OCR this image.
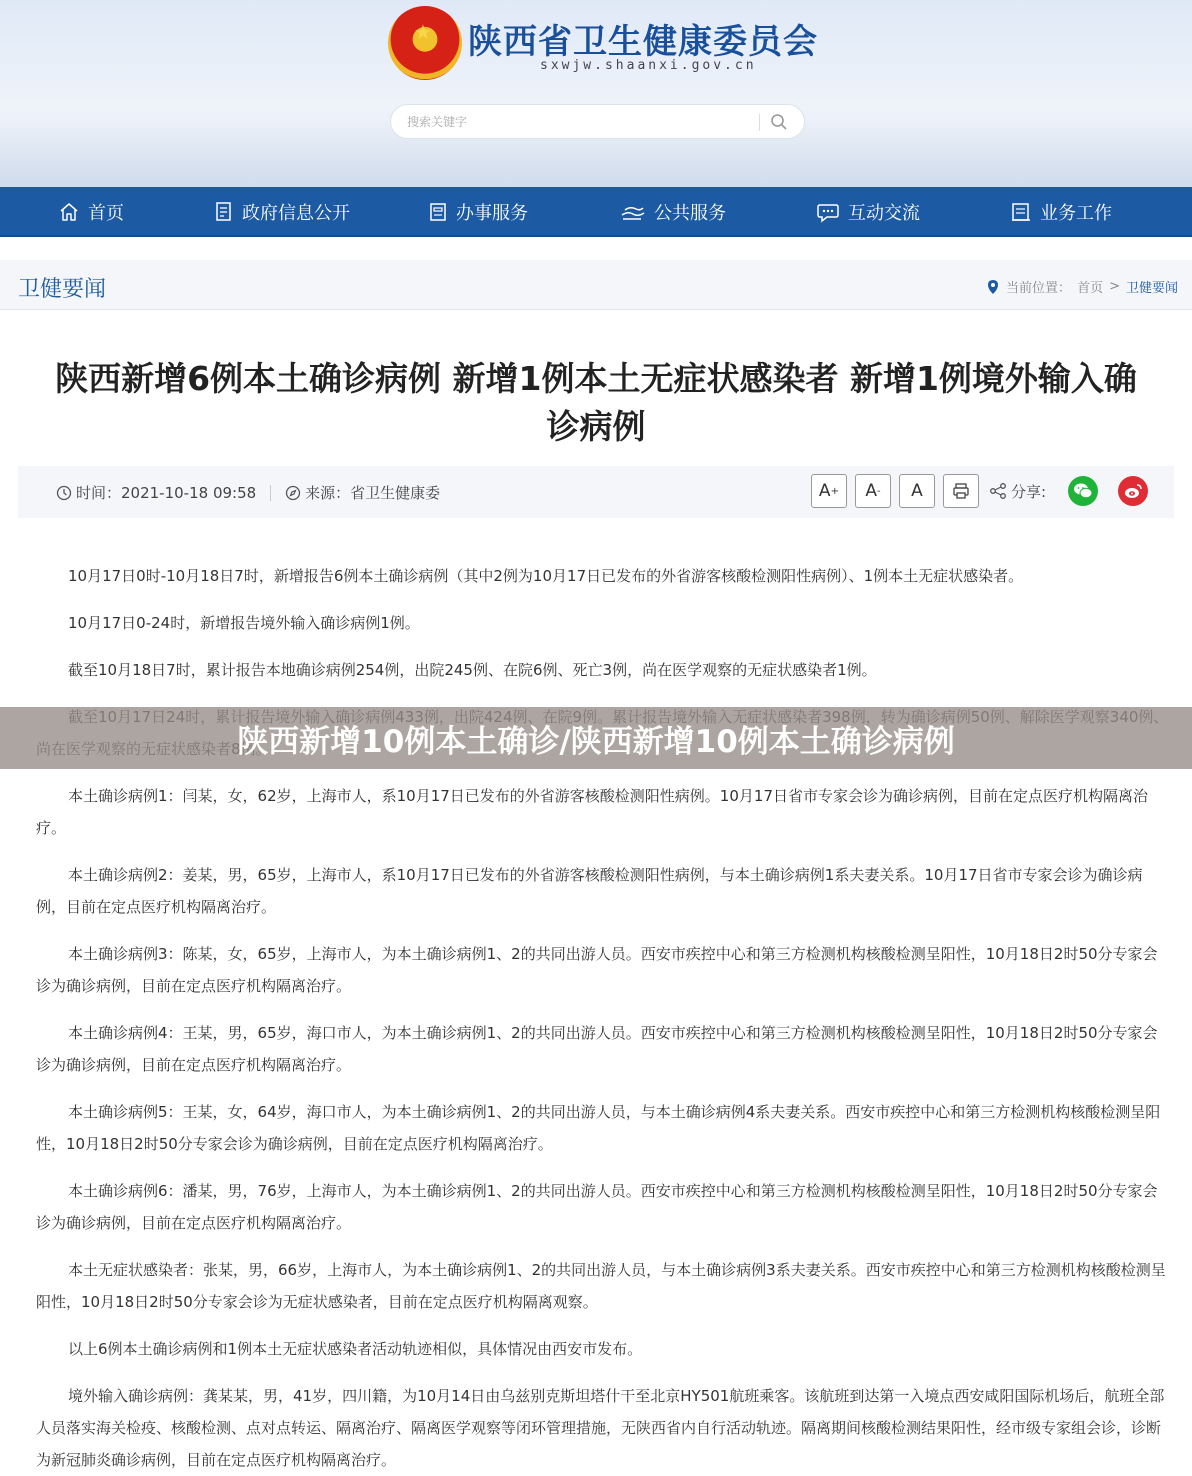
★ 陕西省卫生健康委员会
sxwjw.shaanxi.gov.cn
搜索关键字
首页	政府信息公开	办事服务	公共服务	互动交流	业务工作
卫健要闻	当前位置： 首页 > 卫健要闻
陕西新增6例本土确诊病例 新增1例本土无症状感染者 新增1例境外输入确诊病例
时间：2021-10-18 09:58	来源：省卫生健康委	A + A -	A	分享:

10月17日0时-10月18日7时，新增报告6例本土确诊病例（其中2例为10月17日已发布的外省游客核酸检测阳性病例）、1例本土无症状感染者。

10月17日0-24时，新增报告境外输入确诊病例1例。

截至10月18日7时，累计报告本地确诊病例254例，出院245例、在院6例、死亡3例，尚在医学观察的无症状感染者1例。

本土确诊病例1：闫某，女，62岁，上海市人，系10月17日已发布的外省游客核酸检测阳性病例。10月17日省市专家会诊为确诊病例，目前在定点医疗机构隔离治疗。

本土确诊病例2：姜某，男，65岁，上海市人，系10月17日已发布的外省游客核酸检测阳性病例，与本土确诊病例1系夫妻关系。10月17日省市专家会诊为确诊病例，目前在定点医疗机构隔离治疗。

本土确诊病例3：陈某，女，65岁，上海市人，为本土确诊病例1、2的共同出游人员。西安市疾控中心和第三方检测机构核酸检测呈阳性，10月18日2时50分专家会诊为确诊病例，目前在定点医疗机构隔离治疗。

本土确诊病例4：王某，男，65岁，海口市人，为本土确诊病例1、2的共同出游人员。西安市疾控中心和第三方检测机构核酸检测呈阳性，10月18日2时50分专家会诊为确诊病例，目前在定点医疗机构隔离治疗。

本土确诊病例5：王某，女，64岁，海口市人，为本土确诊病例1、2的共同出游人员，与本土确诊病例4系夫妻关系。西安市疾控中心和第三方检测机构核酸检测呈阳性，10月18日2时50分专家会诊为确诊病例，目前在定点医疗机构隔离治疗。

本土确诊病例6：潘某，男，76岁，上海市人，为本土确诊病例1、2的共同出游人员。西安市疾控中心和第三方检测机构核酸检测呈阳性，10月18日2时50分专家会诊为确诊病例，目前在定点医疗机构隔离治疗。

本土无症状感染者：张某，男，66岁，上海市人，为本土确诊病例1、2的共同出游人员，与本土确诊病例3系夫妻关系。西安市疾控中心和第三方检测机构核酸检测呈阳性，10月18日2时50分专家会诊为无症状感染者，目前在定点医疗机构隔离观察。

以上6例本土确诊病例和1例本土无症状感染者活动轨迹相似，具体情况由西安市发布。

境外输入确诊病例：龚某某，男，41岁，四川籍，为10月14日由乌兹别克斯坦塔什干至北京HY501航班乘客。该航班到达第一入境点西安咸阳国际机场后，航班全部人员落实海关检疫、核酸检测、点对点转运、隔离治疗、隔离医学观察等闭环管理措施，无陕西省内自行活动轨迹。隔离期间核酸检测结果阳性，经市级专家组会诊，诊断为新冠肺炎确诊病例，目前在定点医疗机构隔离治疗。

陕西新增10例本土确诊/陕西新增10例本土确诊病例
